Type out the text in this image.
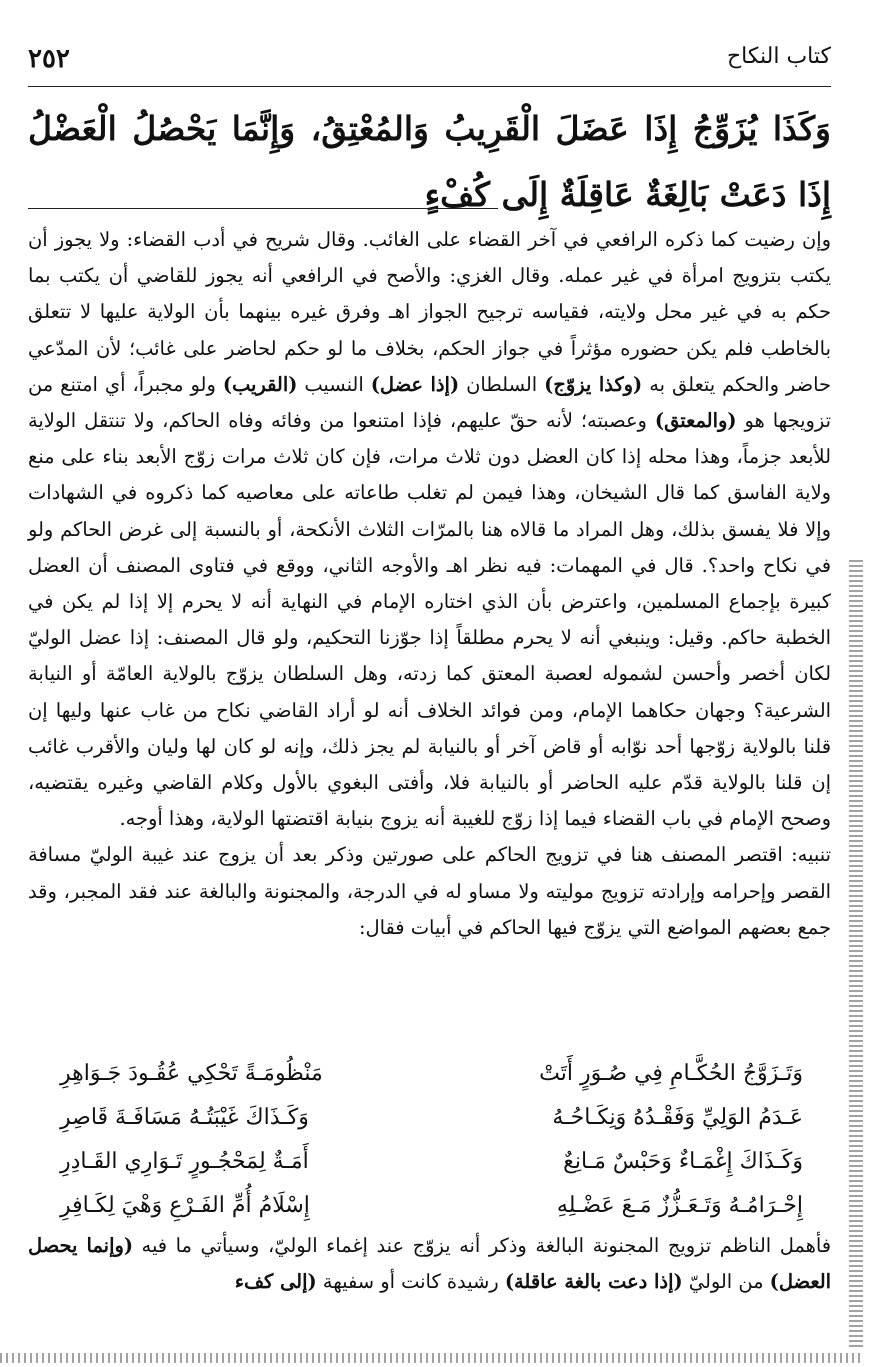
٢٥٢	كتاب النكاح
وَكَذَا يُزَوِّجُ إِذَا عَضَلَ الْقَرِيبُ وَالمُعْتِقُ، وَإِنَّمَا يَحْصُلُ الْعَضْلُ إِذَا دَعَتْ بَالِغَةٌ عَاقِلَةٌ إِلَى كُفْءٍ

وإن رضيت كما ذكره الرافعي في آخر القضاء على الغائب. وقال شريح في أدب القضاء: ولا يجوز أن يكتب بتزويج امرأة في غير عمله. وقال الغزي: والأصح في الرافعي أنه يجوز للقاضي أن يكتب بما حكم به في غير محل ولايته، فقياسه ترجيح الجواز اهـ وفرق غيره بينهما بأن الولاية عليها لا تتعلق بالخاطب فلم يكن حضوره مؤثراً في جواز الحكم، بخلاف ما لو حكم لحاضر على غائب؛ لأن المدّعي حاضر والحكم يتعلق به (وكذا يزوّج) السلطان (إذا عضل) النسيب (القريب) ولو مجبراً، أي امتنع من تزويجها هو (والمعتق) وعصبته؛ لأنه حقّ عليهم، فإذا امتنعوا من وفائه وفاه الحاكم، ولا تنتقل الولاية للأبعد جزماً، وهذا محله إذا كان العضل دون ثلاث مرات، فإن كان ثلاث مرات زوّج الأبعد بناء على منع ولاية الفاسق كما قال الشيخان، وهذا فيمن لم تغلب طاعاته على معاصيه كما ذكروه في الشهادات وإلا فلا يفسق بذلك، وهل المراد ما قالاه هنا بالمرّات الثلاث الأنكحة، أو بالنسبة إلى غرض الحاكم ولو في نكاح واحد؟. قال في المهمات: فيه نظر اهـ والأوجه الثاني، ووقع في فتاوى المصنف أن العضل كبيرة بإجماع المسلمين، واعترض بأن الذي اختاره الإمام في النهاية أنه لا يحرم إلا إذا لم يكن في الخطبة حاكم. وقيل: وينبغي أنه لا يحرم مطلقاً إذا جوّزنا التحكيم، ولو قال المصنف: إذا عضل الوليّ لكان أخصر وأحسن لشموله لعصبة المعتق كما زدته، وهل السلطان يزوّج بالولاية العامّة أو النيابة الشرعية؟ وجهان حكاهما الإمام، ومن فوائد الخلاف أنه لو أراد القاضي نكاح من غاب عنها وليها إن قلنا بالولاية زوّجها أحد نوّابه أو قاض آخر أو بالنيابة لم يجز ذلك، وإنه لو كان لها وليان والأقرب غائب إن قلنا بالولاية قدّم عليه الحاضر أو بالنيابة فلا، وأفتى البغوي بالأول وكلام القاضي وغيره يقتضيه، وصحح الإمام في باب القضاء فيما إذا زوّج للغيبة أنه يزوج بنيابة اقتضتها الولاية، وهذا أوجه.

تنبيه: اقتصر المصنف هنا في تزويج الحاكم على صورتين وذكر بعد أن يزوج عند غيبة الوليّ مسافة القصر وإحرامه وإرادته تزويج موليته ولا مساو له في الدرجة، والمجنونة والبالغة عند فقد المجبر، وقد جمع بعضهم المواضع التي يزوّج فيها الحاكم في أبيات فقال:

وَتَـزَوَّجُ الحُكَّـامِ فِي صُـوَرٍ أَتَتْ
مَنْظُومَـةً تَحْكِي عُقُـودَ جَـوَاهِرِ
عَـدَمُ الوَلِيِّ وَفَقْـدُهُ وَنِكَـاحُـهُ
وَكَـذَاكَ غَيْبَتُـهُ مَسَافَـةَ قَاصِرِ
وَكَـذَاكَ إِغْمَـاءٌ وَحَبْسٌ مَـانِعٌ
أَمَـةٌ لِمَحْجُـورٍ تَـوَارِي القَـادِرِ
إِحْـرَامُـهُ وَتَـعَـزُّزٌ مَـعَ عَضْـلِهِ
إِسْلَامُ أُمِّ الفَـرْعِ وَهْيَ لِكَـافِرِ

فأهمل الناظم تزويج المجنونة البالغة وذكر أنه يزوّج عند إغماء الوليّ، وسيأتي ما فيه (وإنما يحصل العضل) من الوليّ (إذا دعت بالغة عاقلة) رشيدة كانت أو سفيهة (إلى كفء
